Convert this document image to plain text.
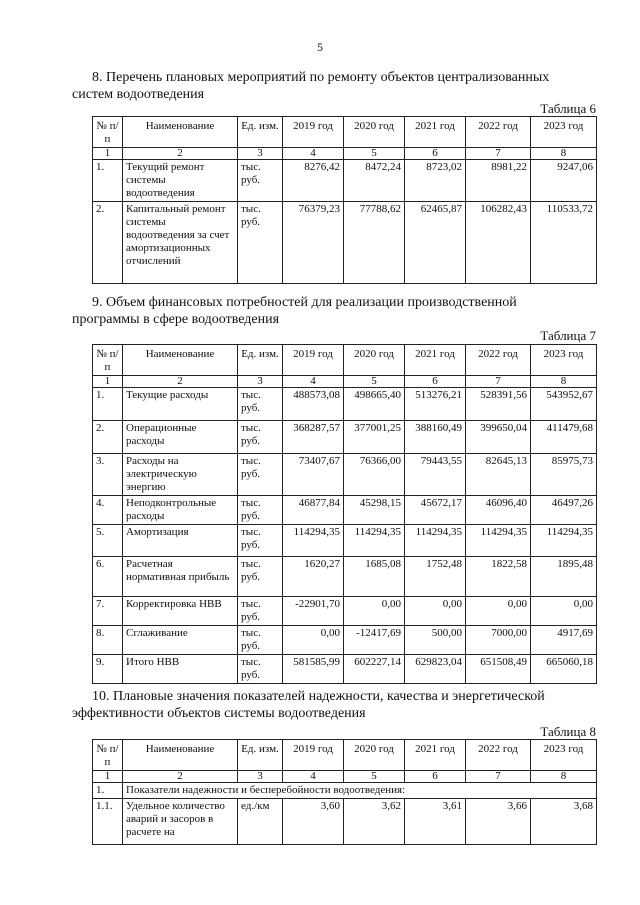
5
8. Перечень плановых мероприятий по ремонту объектов централизованных
систем водоотведения
Таблица 6
№ п/п	Наименование	Ед. изм.	2019 год	2020 год	2021 год	2022 год	2023 год
1	2	3	4	5	6	7	8
1.	Текущий ремонт системы водоотведения	тыс. руб.	8276,42	8472,24	8723,02	8981,22	9247,06
2.	Капитальный ремонт системы водоотведения за счет амортизационных отчислений	тыс. руб.	76379,23	77788,62	62465,87	106282,43	110533,72
9. Объем финансовых потребностей для реализации производственной
программы в сфере водоотведения
Таблица 7
№ п/п	Наименование	Ед. изм.	2019 год	2020 год	2021 год	2022 год	2023 год
1	2	3	4	5	6	7	8
1.	Текущие расходы	тыс. руб.	488573,08	498665,40	513276,21	528391,56	543952,67
2.	Операционные расходы	тыс. руб.	368287,57	377001,25	388160,49	399650,04	411479,68
3.	Расходы на электрическую энергию	тыс. руб.	73407,67	76366,00	79443,55	82645,13	85975,73
4.	Неподконтрольные расходы	тыс. руб.	46877,84	45298,15	45672,17	46096,40	46497,26
5.	Амортизация	тыс. руб.	114294,35	114294,35	114294,35	114294,35	114294,35
6.	Расчетная нормативная прибыль	тыс. руб.	1620,27	1685,08	1752,48	1822,58	1895,48
7.	Корректировка НВВ	тыс. руб.	-22901,70	0,00	0,00	0,00	0,00
8.	Сглаживание	тыс. руб.	0,00	-12417,69	500,00	7000,00	4917,69
9.	Итого НВВ	тыс. руб.	581585,99	602227,14	629823,04	651508,49	665060,18
10. Плановые значения показателей надежности, качества и энергетической
эффективности объектов системы водоотведения
Таблица 8
№ п/п	Наименование	Ед. изм.	2019 год	2020 год	2021 год	2022 год	2023 год
1	2	3	4	5	6	7	8
1.	Показатели надежности и бесперебойности водоотведения:						
1.1.	Удельное количество аварий и засоров в расчете на	ед./км	3,60	3,62	3,61	3,66	3,68
